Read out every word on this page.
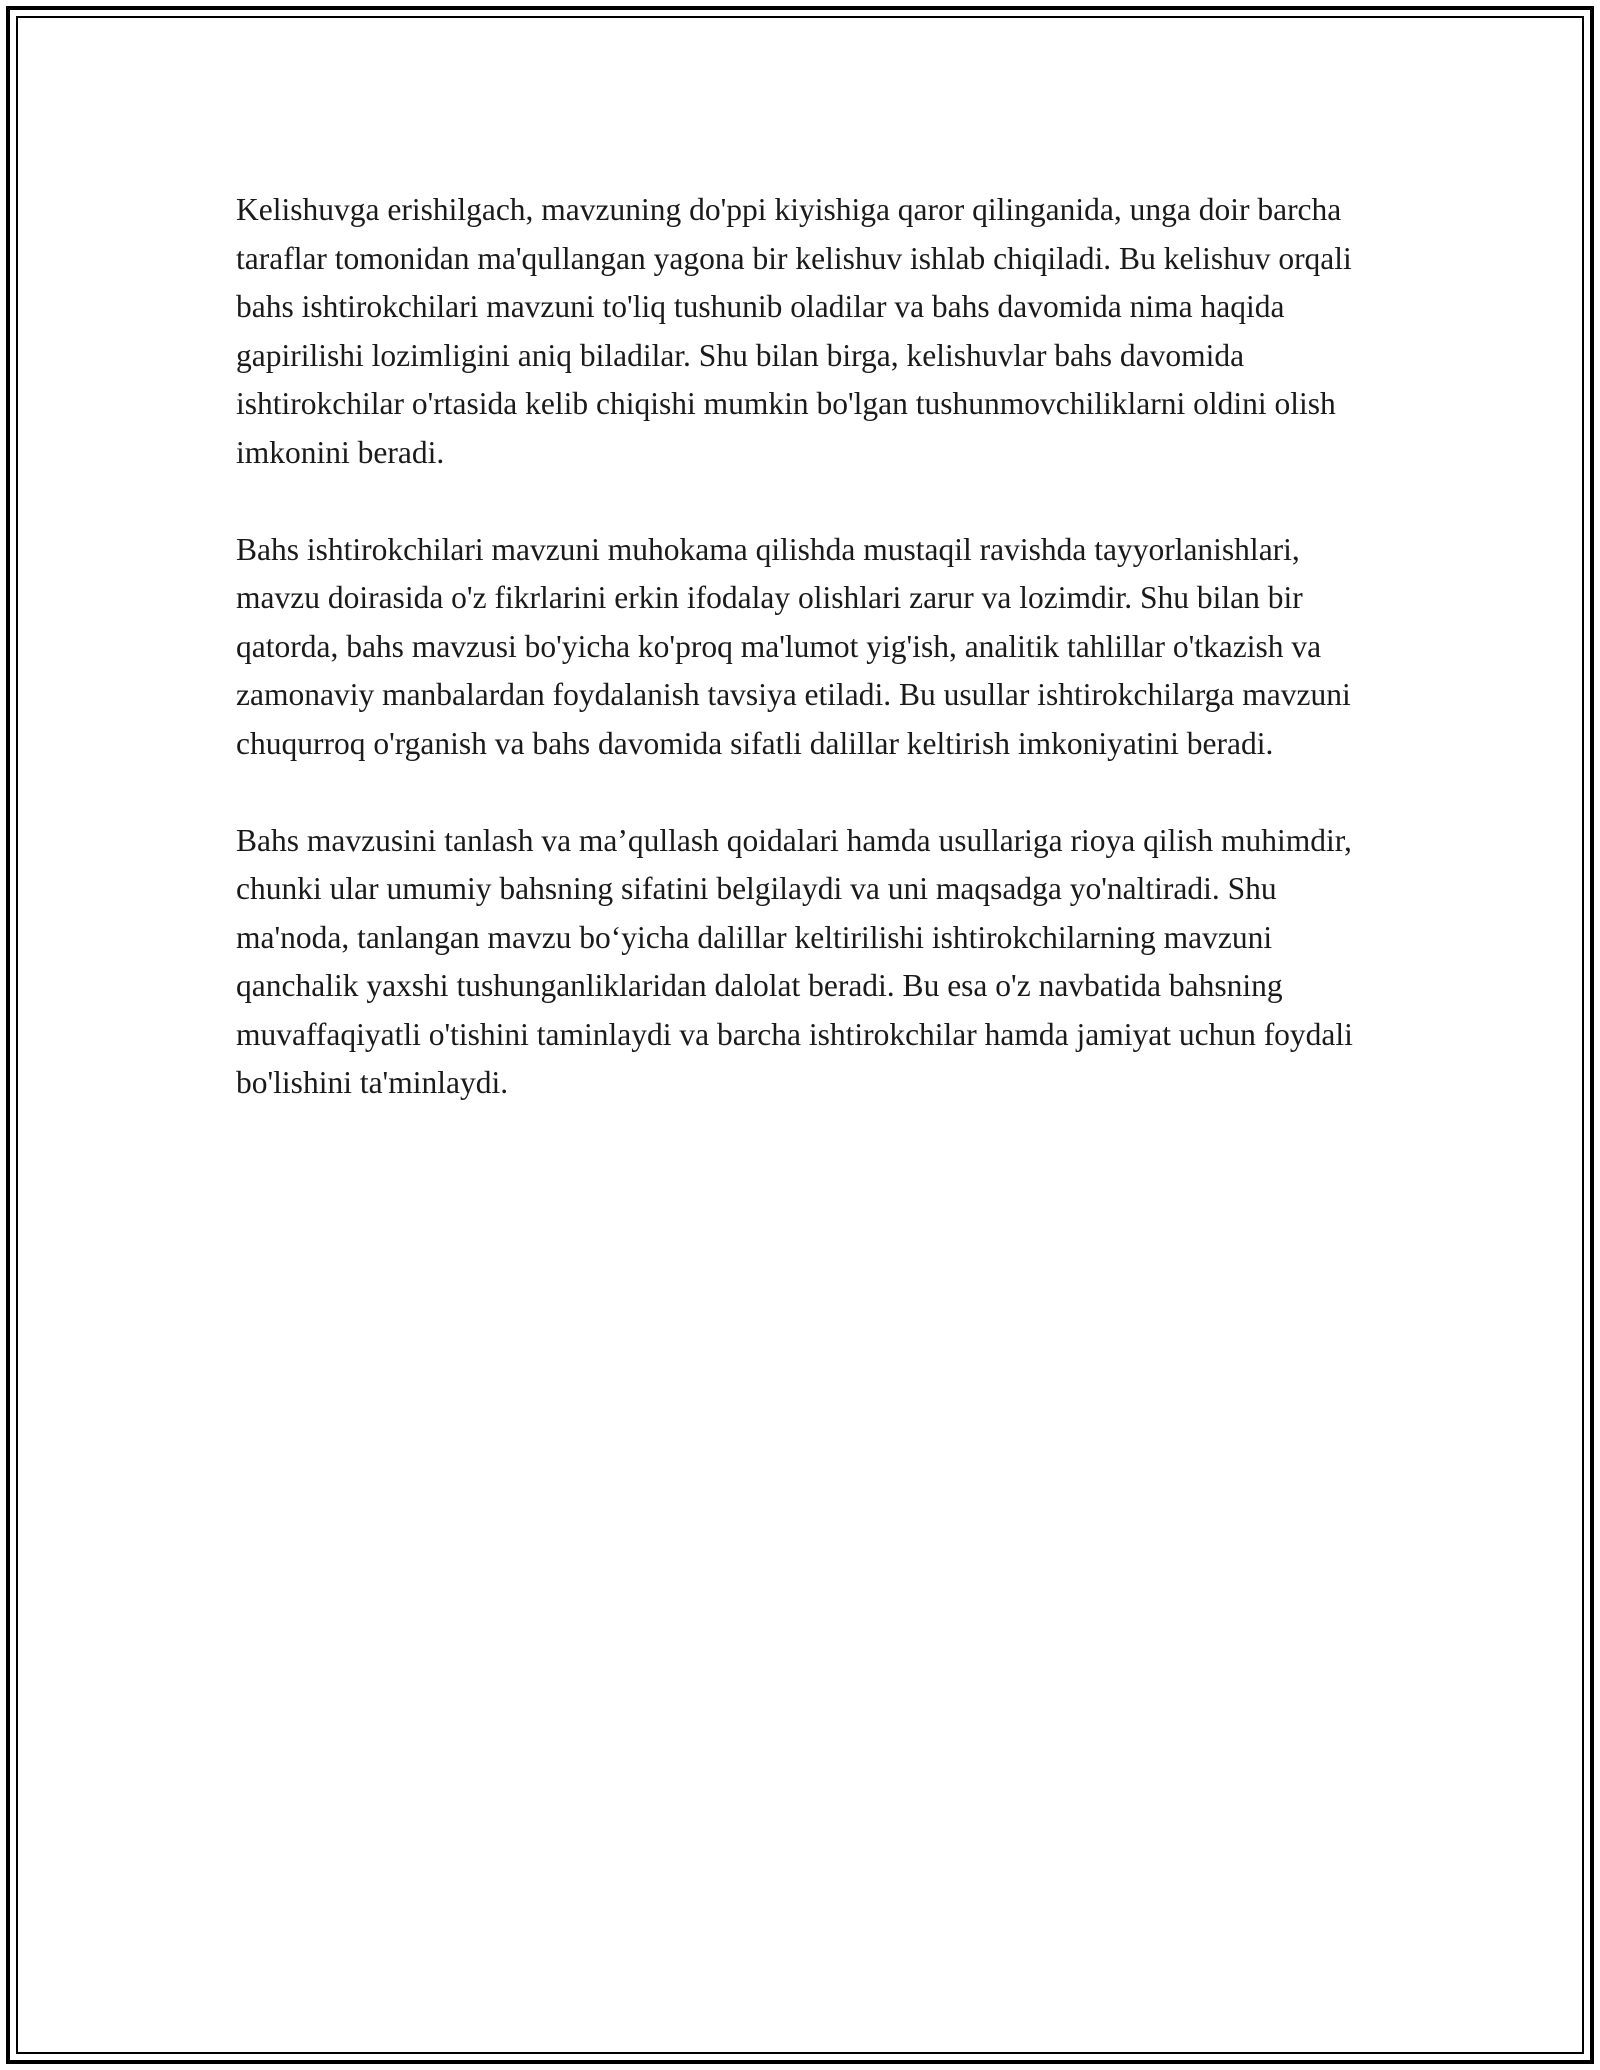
Kelishuvga erishilgach, mavzuning do'ppi kiyishiga qaror qilinganida, unga doir barcha taraflar tomonidan ma'qullangan yagona bir kelishuv ishlab chiqiladi. Bu kelishuv orqali bahs ishtirokchilari mavzuni to'liq tushunib oladilar va bahs davomida nima haqida gapirilishi lozimligini aniq biladilar. Shu bilan birga, kelishuvlar bahs davomida ishtirokchilar o'rtasida kelib chiqishi mumkin bo'lgan tushunmovchiliklarni oldini olish imkonini beradi.

Bahs ishtirokchilari mavzuni muhokama qilishda mustaqil ravishda tayyorlanishlari, mavzu doirasida o'z fikrlarini erkin ifodalay olishlari zarur va lozimdir. Shu bilan bir qatorda, bahs mavzusi bo'yicha ko'proq ma'lumot yig'ish, analitik tahlillar o'tkazish va zamonaviy manbalardan foydalanish tavsiya etiladi. Bu usullar ishtirokchilarga mavzuni chuqurroq o'rganish va bahs davomida sifatli dalillar keltirish imkoniyatini beradi.

Bahs mavzusini tanlash va ma’qullash qoidalari hamda usullariga rioya qilish muhimdir, chunki ular umumiy bahsning sifatini belgilaydi va uni maqsadga yo'naltiradi. Shu ma'noda, tanlangan mavzu bo‘yicha dalillar keltirilishi ishtirokchilarning mavzuni qanchalik yaxshi tushunganliklaridan dalolat beradi. Bu esa o'z navbatida bahsning muvaffaqiyatli o'tishini taminlaydi va barcha ishtirokchilar hamda jamiyat uchun foydali bo'lishini ta'minlaydi.
